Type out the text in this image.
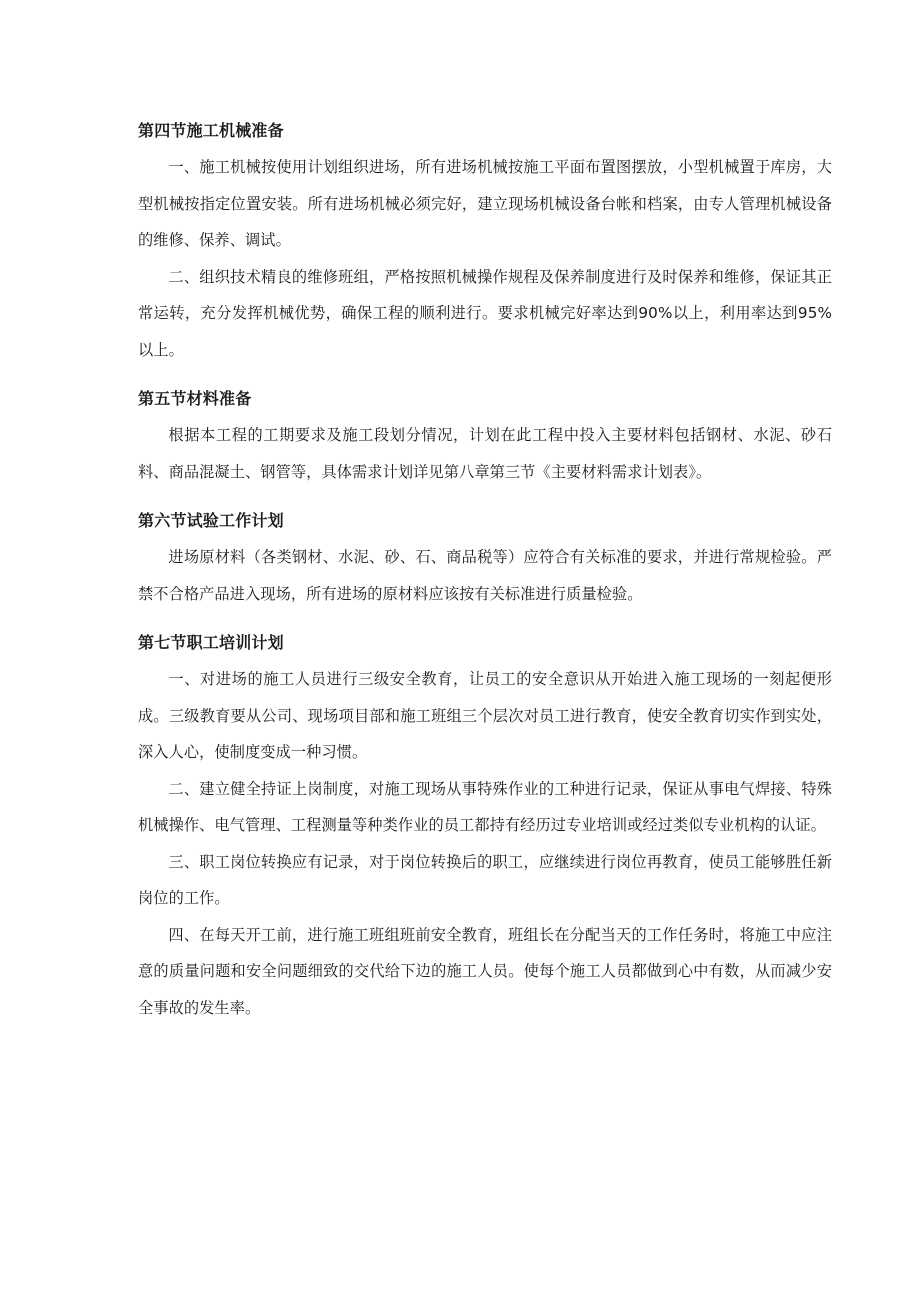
第四节施工机械准备

一、施工机械按使用计划组织进场，所有进场机械按施工平面布置图摆放，小型机械置于库房，大型机械按指定位置安装。所有进场机械必须完好，建立现场机械设备台帐和档案，由专人管理机械设备的维修、保养、调试。

二、组织技术精良的维修班组，严格按照机械操作规程及保养制度进行及时保养和维修，保证其正常运转，充分发挥机械优势，确保工程的顺利进行。要求机械完好率达到90%以上，利用率达到95%以上。

第五节材料准备

根据本工程的工期要求及施工段划分情况，计划在此工程中投入主要材料包括钢材、水泥、砂石料、商品混凝土、钢管等，具体需求计划详见第八章第三节《主要材料需求计划表》。

第六节试验工作计划

进场原材料（各类钢材、水泥、砂、石、商品税等）应符合有关标准的要求，并进行常规检验。严禁不合格产品进入现场，所有进场的原材料应该按有关标准进行质量检验。

第七节职工培训计划

一、对进场的施工人员进行三级安全教育，让员工的安全意识从开始进入施工现场的一刻起便形成。三级教育要从公司、现场项目部和施工班组三个层次对员工进行教育，使安全教育切实作到实处，深入人心，使制度变成一种习惯。

二、建立健全持证上岗制度，对施工现场从事特殊作业的工种进行记录，保证从事电气焊接、特殊机械操作、电气管理、工程测量等种类作业的员工都持有经历过专业培训或经过类似专业机构的认证。

三、职工岗位转换应有记录，对于岗位转换后的职工，应继续进行岗位再教育，使员工能够胜任新岗位的工作。

四、在每天开工前，进行施工班组班前安全教育，班组长在分配当天的工作任务时，将施工中应注意的质量问题和安全问题细致的交代给下边的施工人员。使每个施工人员都做到心中有数，从而减少安全事故的发生率。
